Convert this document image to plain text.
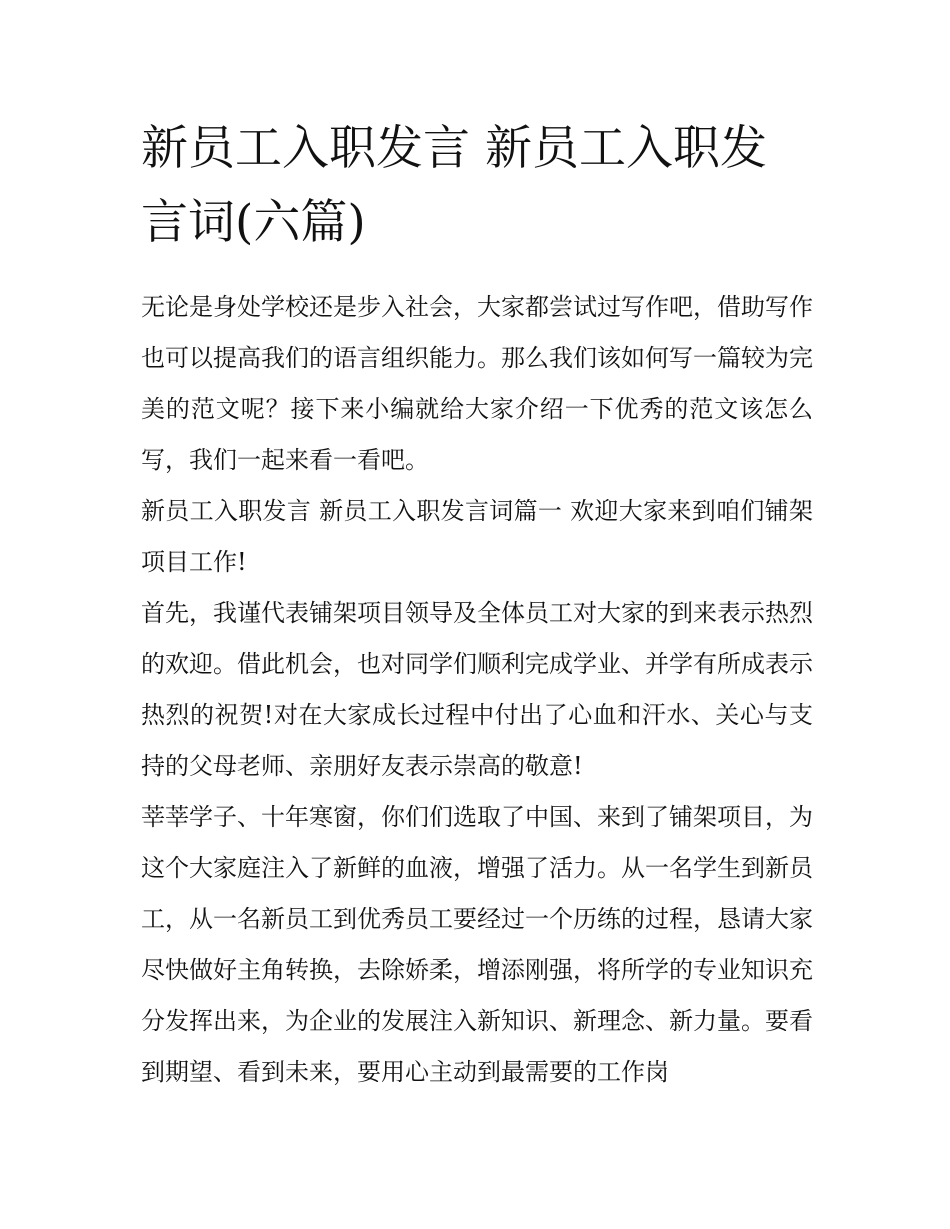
新员工入职发言 新员工入职发言词(六篇)

无论是身处学校还是步入社会，大家都尝试过写作吧，借助写作也可以提高我们的语言组织能力。那么我们该如何写一篇较为完美的范文呢？接下来小编就给大家介绍一下优秀的范文该怎么写，我们一起来看一看吧。

新员工入职发言 新员工入职发言词篇一 欢迎大家来到咱们铺架项目工作!

首先，我谨代表铺架项目领导及全体员工对大家的到来表示热烈的欢迎。借此机会，也对同学们顺利完成学业、并学有所成表示热烈的祝贺!对在大家成长过程中付出了心血和汗水、关心与支持的父母老师、亲朋好友表示崇高的敬意!

莘莘学子、十年寒窗，你们们选取了中国、来到了铺架项目，为这个大家庭注入了新鲜的血液，增强了活力。从一名学生到新员工，从一名新员工到优秀员工要经过一个历练的过程，恳请大家尽快做好主角转换，去除娇柔，增添刚强，将所学的专业知识充分发挥出来，为企业的发展注入新知识、新理念、新力量。要看到期望、看到未来，要用心主动到最需要的工作岗
